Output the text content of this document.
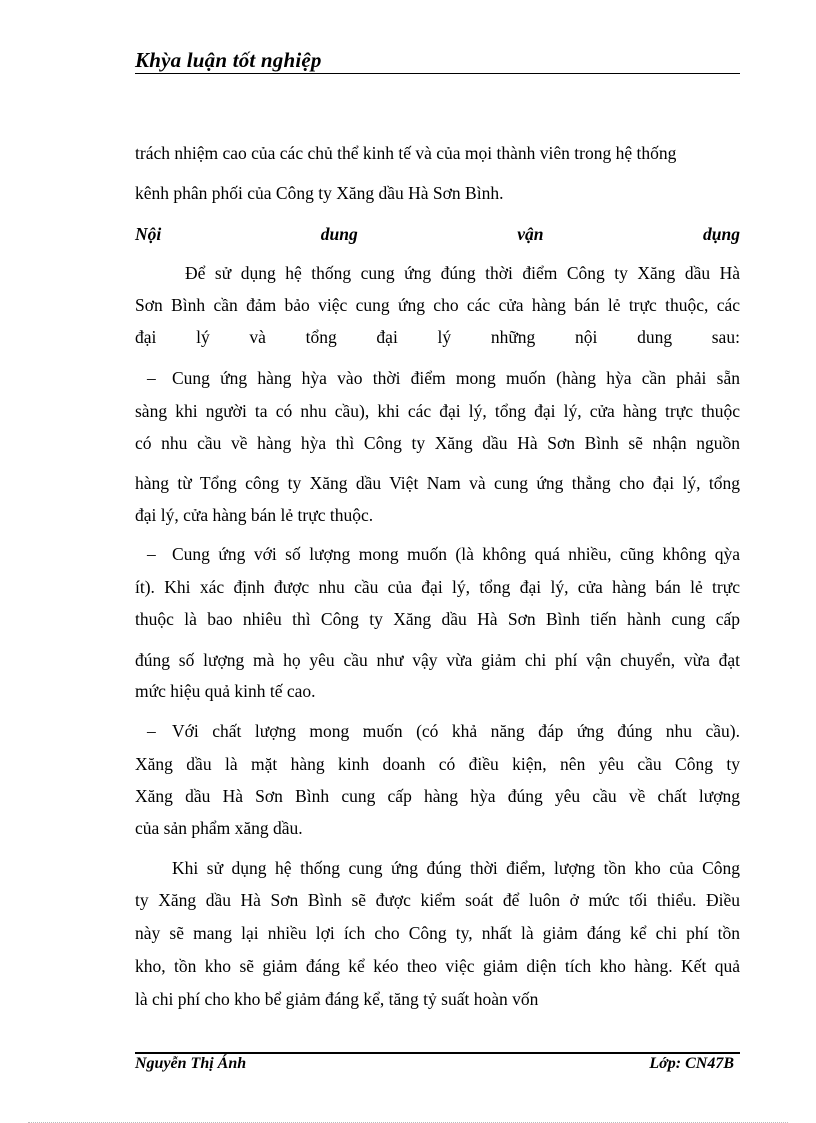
Khỳa luận tốt nghiệp
trách nhiệm cao của các chủ thể kinh tế và của mọi thành viên trong hệ thống
kênh phân phối của Công ty Xăng dầu Hà Sơn Bình.
Nội	dung	vận	dụng
Để sử dụng hệ thống cung ứng đúng thời điểm Công ty Xăng dầu Hà
Sơn Bình cần đảm bảo việc cung ứng cho các cửa hàng bán lẻ trực thuộc, các
đại lý và tổng đại lý những nội dung sau:
– Cung ứng hàng hỳa vào thời điểm mong muốn (hàng hỳa cần phải sẵn
sàng khi người ta có nhu cầu), khi các đại lý, tổng đại lý, cửa hàng trực thuộc
có nhu cầu về hàng hỳa thì Công ty Xăng dầu Hà Sơn Bình sẽ nhận nguồn
hàng từ Tổng công ty Xăng dầu Việt Nam và cung ứng thẳng cho đại lý, tổng
đại lý, cửa hàng bán lẻ trực thuộc.
– Cung ứng với số lượng mong muốn (là không quá nhiều, cũng không qỳa
ít). Khi xác định được nhu cầu của đại lý, tổng đại lý, cửa hàng bán lẻ trực
thuộc là bao nhiêu thì Công ty Xăng dầu Hà Sơn Bình tiến hành cung cấp
đúng số lượng mà họ yêu cầu như vậy vừa giảm chi phí vận chuyển, vừa đạt
mức hiệu quả kinh tế cao.
– Với chất lượng mong muốn (có khả năng đáp ứng đúng nhu cầu).
Xăng dầu là mặt hàng kinh doanh có điều kiện, nên yêu cầu Công ty
Xăng dầu Hà Sơn Bình cung cấp hàng hỳa đúng yêu cầu về chất lượng
của sản phẩm xăng dầu.
Khi sử dụng hệ thống cung ứng đúng thời điểm, lượng tồn kho của Công
ty Xăng dầu Hà Sơn Bình sẽ được kiểm soát để luôn ở mức tối thiểu. Điều
này sẽ mang lại nhiều lợi ích cho Công ty, nhất là giảm đáng kể chi phí tồn
kho, tồn kho sẽ giảm đáng kể kéo theo việc giảm diện tích kho hàng. Kết quả
là chi phí cho kho bể giảm đáng kể, tăng tỷ suất hoàn vốn
Nguyễn Thị Ánh	Lớp: CN47B
